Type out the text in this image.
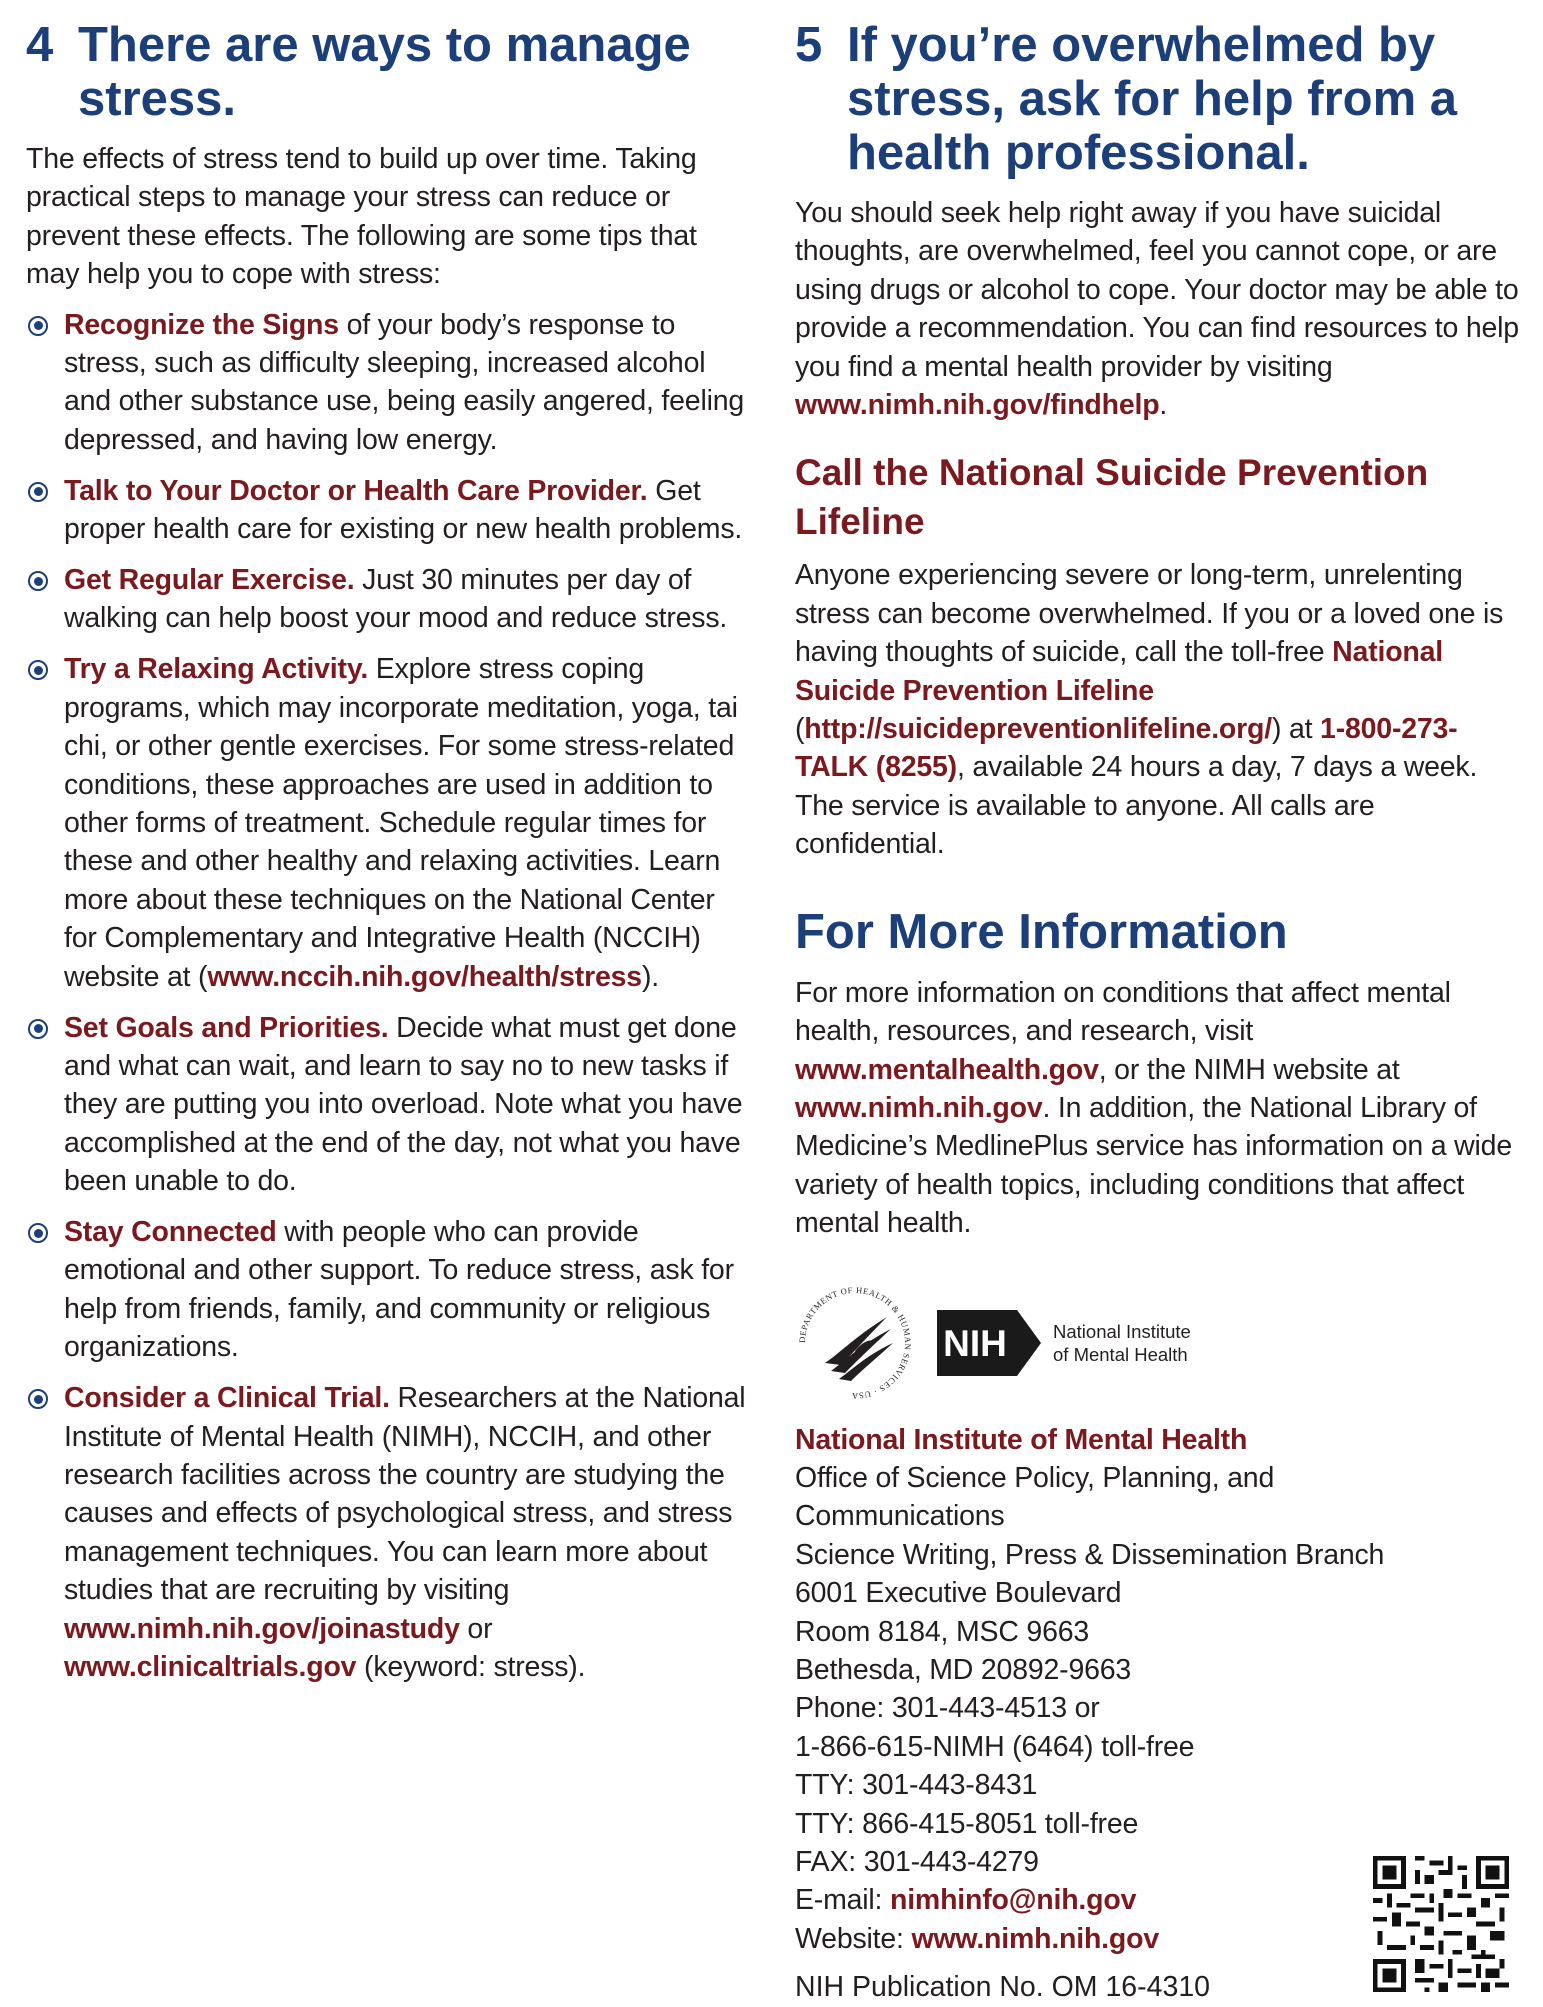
4 There are ways to manage stress.

The effects of stress tend to build up over time. Taking practical steps to manage your stress can reduce or prevent these effects. The following are some tips that may help you to cope with stress:

Recognize the Signs of your body’s response to stress, such as difficulty sleeping, increased alcohol and other substance use, being easily angered, feeling depressed, and having low energy.
Talk to Your Doctor or Health Care Provider. Get proper health care for existing or new health problems.
Get Regular Exercise. Just 30 minutes per day of walking can help boost your mood and reduce stress.
Try a Relaxing Activity. Explore stress coping programs, which may incorporate meditation, yoga, tai chi, or other gentle exercises. For some stress-related conditions, these approaches are used in addition to other forms of treatment. Schedule regular times for these and other healthy and relaxing activities. Learn more about these techniques on the National Center for Complementary and Integrative Health (NCCIH) website at (www.nccih.nih.gov/health/stress).
Set Goals and Priorities. Decide what must get done and what can wait, and learn to say no to new tasks if they are putting you into overload. Note what you have accomplished at the end of the day, not what you have been unable to do.
Stay Connected with people who can provide emotional and other support. To reduce stress, ask for help from friends, family, and community or religious organizations.
Consider a Clinical Trial. Researchers at the National Institute of Mental Health (NIMH), NCCIH, and other research facilities across the country are studying the causes and effects of psychological stress, and stress management techniques. You can learn more about studies that are recruiting by visiting www.nimh.nih.gov/joinastudy or www.clinicaltrials.gov (keyword: stress).
5 If you’re overwhelmed by stress, ask for help from a health professional.

You should seek help right away if you have suicidal thoughts, are overwhelmed, feel you cannot cope, or are using drugs or alcohol to cope. Your doctor may be able to provide a recommendation. You can find resources to help you find a mental health provider by visiting www.nimh.nih.gov/findhelp.

Call the National Suicide Prevention Lifeline

Anyone experiencing severe or long-term, unrelenting stress can become overwhelmed. If you or a loved one is having thoughts of suicide, call the toll-free National Suicide Prevention Lifeline (http://suicidepreventionlifeline.org/) at 1-800-273-TALK (8255), available 24 hours a day, 7 days a week. The service is available to anyone. All calls are confidential.

For More Information

For more information on conditions that affect mental health, resources, and research, visit www.mentalhealth.gov, or the NIMH website at www.nimh.nih.gov. In addition, the National Library of Medicine’s MedlinePlus service has information on a wide variety of health topics, including conditions that affect mental health.

DEPARTMENT OF HEALTH & HUMAN SERVICES · USA
NIH National Institute
of Mental Health
National Institute of Mental Health
Office of Science Policy, Planning, and
Communications
Science Writing, Press & Dissemination Branch
6001 Executive Boulevard
Room 8184, MSC 9663
Bethesda, MD 20892-9663
Phone: 301-443-4513 or
1-866-615-NIMH (6464) toll-free
TTY: 301-443-8431
TTY: 866-415-8051 toll-free
FAX: 301-443-4279
E-mail: nimhinfo@nih.gov
Website: www.nimh.nih.gov
NIH Publication No. OM 16-4310
